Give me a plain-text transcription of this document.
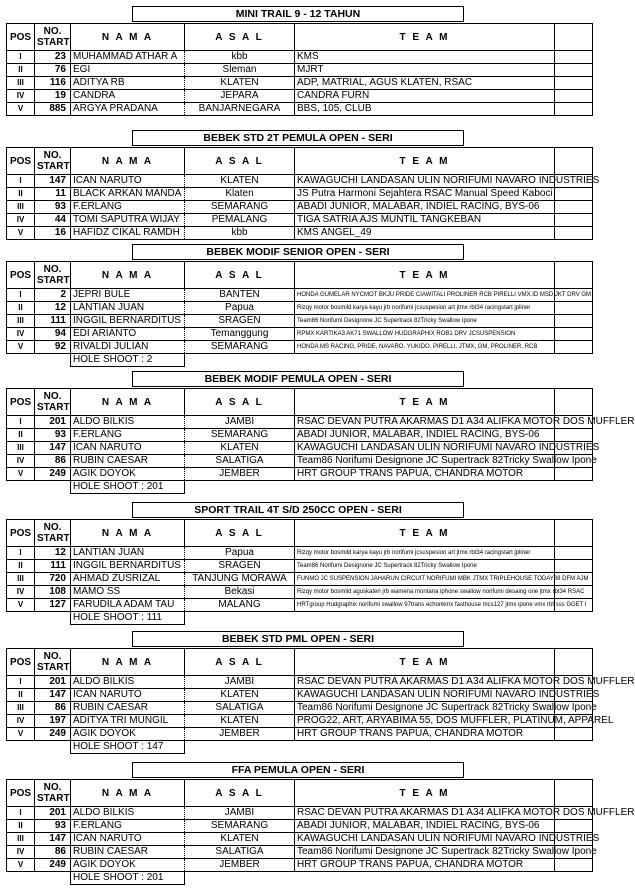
MINI TRAIL 9 - 12 TAHUN
POS	NO. START	N A M A	A S A L	T E A M	
I	23	MUHAMMAD ATHAR A	kbb	KMS	
II	76	EGI	Sleman	MJRT	
III	116	ADITYA RB	KLATEN	ADP, MATRIAL, AGUS KLATEN, RSAC	
IV	19	CANDRA	JEPARA	CANDRA FURN	
V	885	ARGYA PRADANA	BANJARNEGARA	BBS, 105, CLUB	
BEBEK STD 2T PEMULA OPEN - SERI
POS	NO. START	N A M A	A S A L	T E A M	
I	147	ICAN NARUTO	KLATEN	KAWAGUCHI LANDASAN ULIN NORIFUMI NAVARO INDUSTRIES	
II	11	BLACK ARKAN MANDA	Klaten	JS Putra Harmoni Sejahtera RSAC Manual Speed Kaboci	
III	93	F.ERLANG	SEMARANG	ABADI JUNIOR, MALABAR, INDIEL RACING, BYS-06	
IV	44	TOMI SAPUTRA WIJAY	PEMALANG	TIGA SATRIA AJS MUNTIL TANGKEBAN	
V	16	HAFIDZ CIKAL RAMDH	kbb	KMS ANGEL_49	
BEBEK MODIF SENIOR OPEN - SERI
POS	NO. START	N A M A	A S A L	T E A M	
I	2	JEPRI BULE	BANTEN	HONDA GUMELAR NYCMOT BKJU PRIDE CIAWITALI PROLINER RCB PIRELLI VMX.ID MSD JKT DRV GM	
II	12	LANTIAN JUAN	Papua	Rizqy motor bosmild karya kayu jrb norifumi jcsuspesion art jtmx rbt34 racingstart jpliner	
III	111	INGGIL BERNARDITUS	SRAGEN	Team86 Norifumi Designone JC Supertrack 82Tricky Swallow Ipone	
IV	94	EDI ARIANTO	Temanggung	RPMX KARTIKA3 AK71 SWALLOW HUDGRAPHIX ROB1 DRV JCSUSPENSION	
V	92	RIVALDI JULIAN	SEMARANG	HONDA MS RACING, PRIDE, NAVARO, YUKIDO, PIRELLI, JTMX, GM, PROLINER, RCB	
		HOLE SHOOT : 2			
BEBEK MODIF PEMULA OPEN - SERI
POS	NO. START	N A M A	A S A L	T E A M	
I	201	ALDO BILKIS	JAMBI	RSAC DEVAN PUTRA AKARMAS D1 A34 ALIFKA MOTOR DOS MUFFLER	
II	93	F.ERLANG	SEMARANG	ABADI JUNIOR, MALABAR, INDIEL RACING, BYS-06	
III	147	ICAN NARUTO	KLATEN	KAWAGUCHI LANDASAN ULIN NORIFUMI NAVARO INDUSTRIES	
IV	86	RUBIN CAESAR	SALATIGA	Team86 Norifumi Designone JC Supertrack 82Tricky Swallow Ipone	
V	249	AGIK DOYOK	JEMBER	HRT GROUP TRANS PAPUA, CHANDRA MOTOR	
		HOLE SHOOT : 201			
SPORT TRAIL 4T S/D 250CC OPEN - SERI
POS	NO. START	N A M A	A S A L	T E A M	
I	12	LANTIAN JUAN	Papua	Rizqy motor bosmild karya kayu jrb norifumi jcsuspesion art jtmx rbt34 racingstart jpliner	
II	111	INGGIL BERNARDITUS	SRAGEN	Team86 Norifumi Designone JC Supertrack 82Tricky Swallow Ipone	
III	720	AHMAD ZUSRIZAL	TANJUNG MORAWA	FUNMO JC SUSPENSION JAHARUN CIRCUIT NORIFUMI MBK JTMX TRIPLEHOUSE TODAY88 DFM AJM	
IV	108	MAMO SS	Bekasi	Rizqy motor bosmild aguskaten jrb wamena montana iphone swallow norifumi desaing one jtmx rbt34 RSAC	
V	127	FARUDILA ADAM TAU	MALANG	HRTgroup Hudgraphix norifumi swallow 97trans echonkmx fasthouse mcs127 jtmx ipone vmx rbt sss GGET I	
		HOLE SHOOT : 111			
BEBEK STD PML OPEN - SERI
POS	NO. START	N A M A	A S A L	T E A M	
I	201	ALDO BILKIS	JAMBI	RSAC DEVAN PUTRA AKARMAS D1 A34 ALIFKA MOTOR DOS MUFFLER	
II	147	ICAN NARUTO	KLATEN	KAWAGUCHI LANDASAN ULIN NORIFUMI NAVARO INDUSTRIES	
III	86	RUBIN CAESAR	SALATIGA	Team86 Norifumi Designone JC Supertrack 82Tricky Swallow Ipone	
IV	197	ADITYA TRI MUNGIL	KLATEN	PROG22, ART, ARYABIMA 55, DOS MUFFLER, PLATINUM, APPAREL	
V	249	AGIK DOYOK	JEMBER	HRT GROUP TRANS PAPUA, CHANDRA MOTOR	
		HOLE SHOOT : 147			
FFA PEMULA OPEN - SERI
POS	NO. START	N A M A	A S A L	T E A M	
I	201	ALDO BILKIS	JAMBI	RSAC DEVAN PUTRA AKARMAS D1 A34 ALIFKA MOTOR DOS MUFFLER	
II	93	F.ERLANG	SEMARANG	ABADI JUNIOR, MALABAR, INDIEL RACING, BYS-06	
III	147	ICAN NARUTO	KLATEN	KAWAGUCHI LANDASAN ULIN NORIFUMI NAVARO INDUSTRIES	
IV	86	RUBIN CAESAR	SALATIGA	Team86 Norifumi Designone JC Supertrack 82Tricky Swallow Ipone	
V	249	AGIK DOYOK	JEMBER	HRT GROUP TRANS PAPUA, CHANDRA MOTOR	
		HOLE SHOOT : 201			
